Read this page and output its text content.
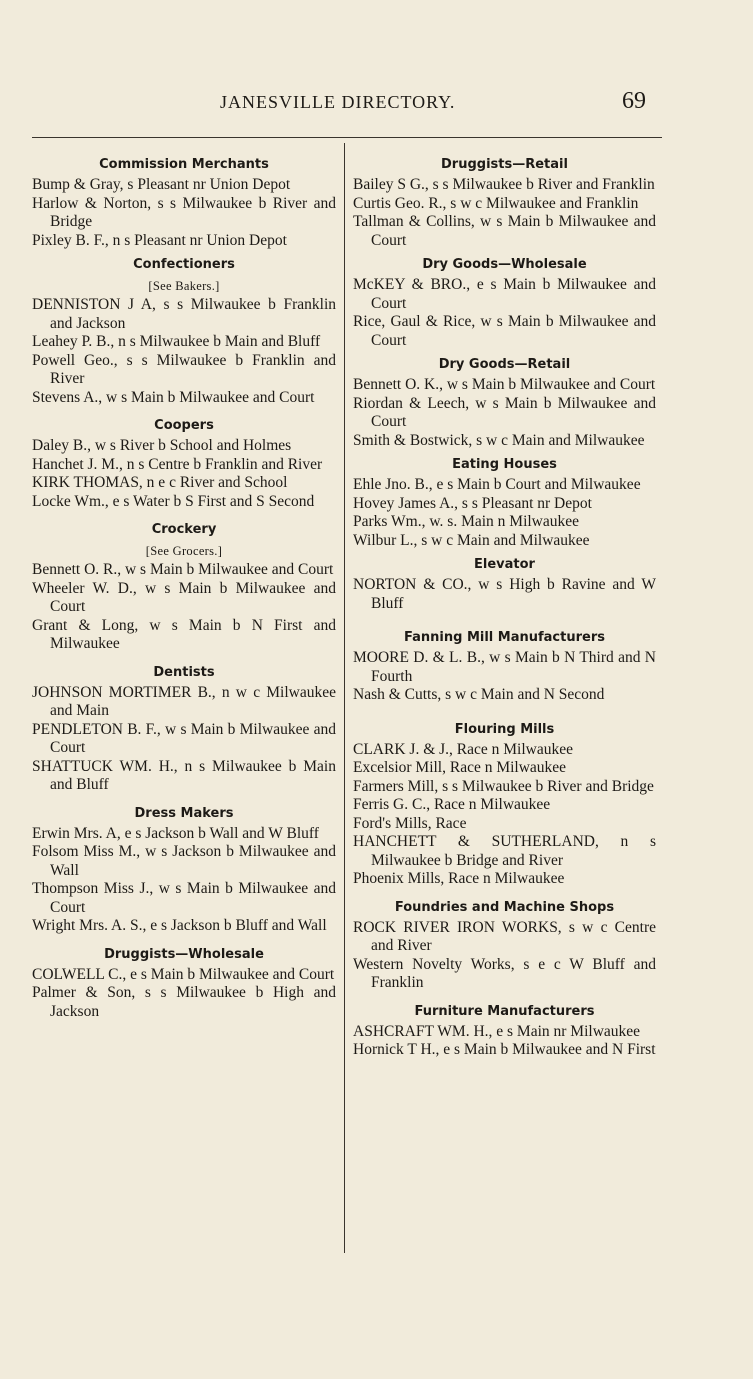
JANESVILLE DIRECTORY.	69
Commission Merchants
Bump & Gray, s Pleasant nr Union Depot
Harlow & Norton, s s Milwaukee b River and Bridge
Pixley B. F., n s Pleasant nr Union Depot
Confectioners
[See Bakers.]
DENNISTON J A, s s Milwaukee b Franklin and Jackson
Leahey P. B., n s Milwaukee b Main and Bluff
Powell Geo., s s Milwaukee b Franklin and River
Stevens A., w s Main b Milwaukee and Court
Coopers
Daley B., w s River b School and Holmes
Hanchet J. M., n s Centre b Franklin and River
KIRK THOMAS, n e c River and School
Locke Wm., e s Water b S First and S Second
Crockery
[See Grocers.]
Bennett O. R., w s Main b Milwaukee and Court
Wheeler W. D., w s Main b Milwaukee and Court
Grant & Long, w s Main b N First and Milwaukee
Dentists
JOHNSON MORTIMER B., n w c Milwaukee and Main
PENDLETON B. F., w s Main b Milwaukee and Court
SHATTUCK WM. H., n s Milwaukee b Main and Bluff
Dress Makers
Erwin Mrs. A, e s Jackson b Wall and W Bluff
Folsom Miss M., w s Jackson b Milwaukee and Wall
Thompson Miss J., w s Main b Milwaukee and Court
Wright Mrs. A. S., e s Jackson b Bluff and Wall
Druggists—Wholesale
COLWELL C., e s Main b Milwaukee and Court
Palmer & Son, s s Milwaukee b High and Jackson
Druggists—Retail
Bailey S G., s s Milwaukee b River and Franklin
Curtis Geo. R., s w c Milwaukee and Franklin
Tallman & Collins, w s Main b Milwaukee and Court
Dry Goods—Wholesale
McKEY & BRO., e s Main b Milwaukee and Court
Rice, Gaul & Rice, w s Main b Milwaukee and Court
Dry Goods—Retail
Bennett O. K., w s Main b Milwaukee and Court
Riordan & Leech, w s Main b Milwaukee and Court
Smith & Bostwick, s w c Main and Milwaukee
Eating Houses
Ehle Jno. B., e s Main b Court and Milwaukee
Hovey James A., s s Pleasant nr Depot
Parks Wm., w. s. Main n Milwaukee
Wilbur L., s w c Main and Milwaukee
Elevator
NORTON & CO., w s High b Ravine and W Bluff
Fanning Mill Manufacturers
MOORE D. & L. B., w s Main b N Third and N Fourth
Nash & Cutts, s w c Main and N Second
Flouring Mills
CLARK J. & J., Race n Milwaukee
Excelsior Mill, Race n Milwaukee
Farmers Mill, s s Milwaukee b River and Bridge
Ferris G. C., Race n Milwaukee
Ford's Mills, Race
HANCHETT & SUTHERLAND, n s Milwaukee b Bridge and River
Phoenix Mills, Race n Milwaukee
Foundries and Machine Shops
ROCK RIVER IRON WORKS, s w c Centre and River
Western Novelty Works, s e c W Bluff and Franklin
Furniture Manufacturers
ASHCRAFT WM. H., e s Main nr Milwaukee
Hornick T H., e s Main b Milwaukee and N First
